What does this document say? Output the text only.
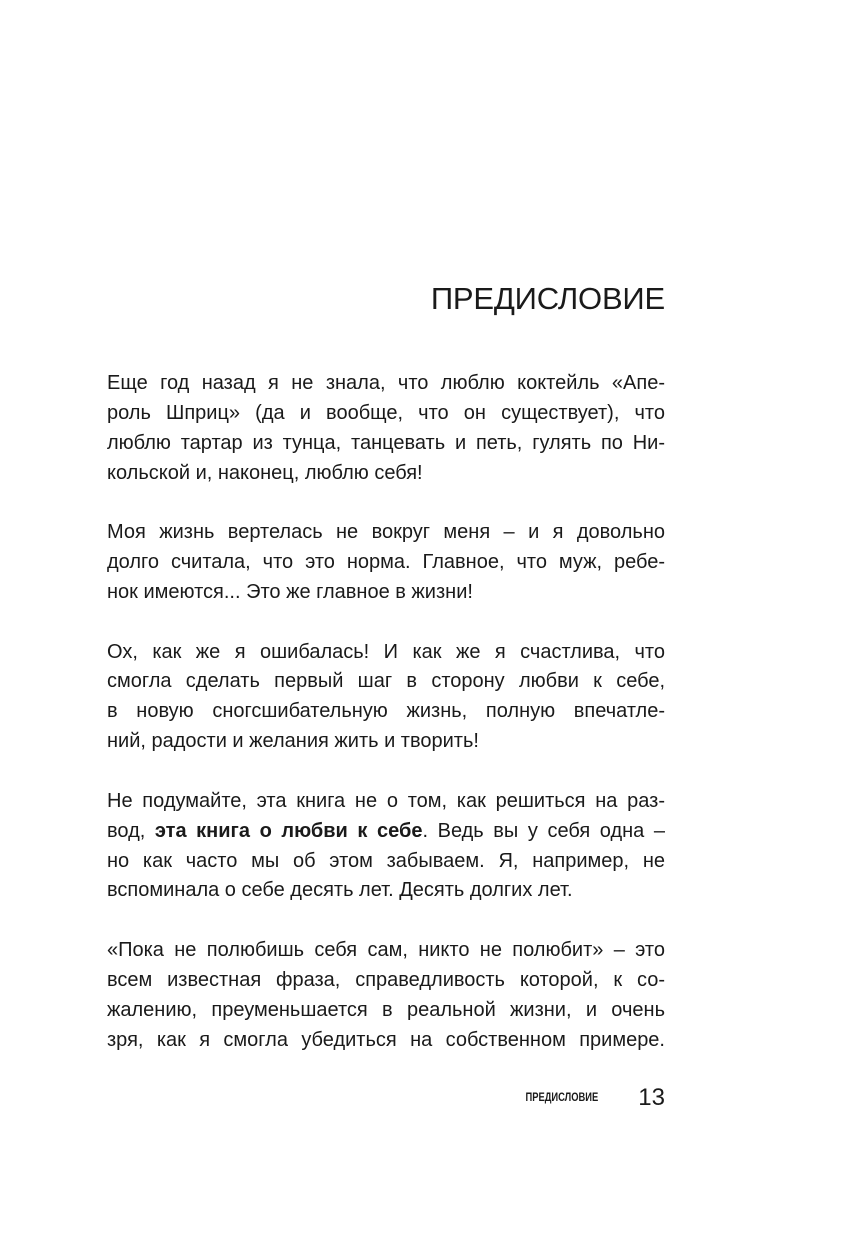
ПРЕДИСЛОВИЕ
Еще год назад я не знала, что люблю коктейль «Апе-
роль Шприц» (да и вообще, что он существует), что
люблю тартар из тунца, танцевать и петь, гулять по Ни-
кольской и, наконец, люблю себя!
Моя жизнь вертелась не вокруг меня – и я довольно
долго считала, что это норма. Главное, что муж, ребе-
нок имеются... Это же главное в жизни!
Ох, как же я ошибалась! И как же я счастлива, что
смогла сделать первый шаг в сторону любви к себе,
в новую сногсшибательную жизнь, полную впечатле-
ний, радости и желания жить и творить!
Не подумайте, эта книга не о том, как решиться на раз-
вод, эта книга о любви к себе. Ведь вы у себя одна –
но как часто мы об этом забываем. Я, например, не
вспоминала о себе десять лет. Десять долгих лет.
«Пока не полюбишь себя сам, никто не полюбит» – это
всем известная фраза, справедливость которой, к со-
жалению, преуменьшается в реальной жизни, и очень
зря, как я смогла убедиться на собственном примере.
ПРЕДИСЛОВИЕ 13
